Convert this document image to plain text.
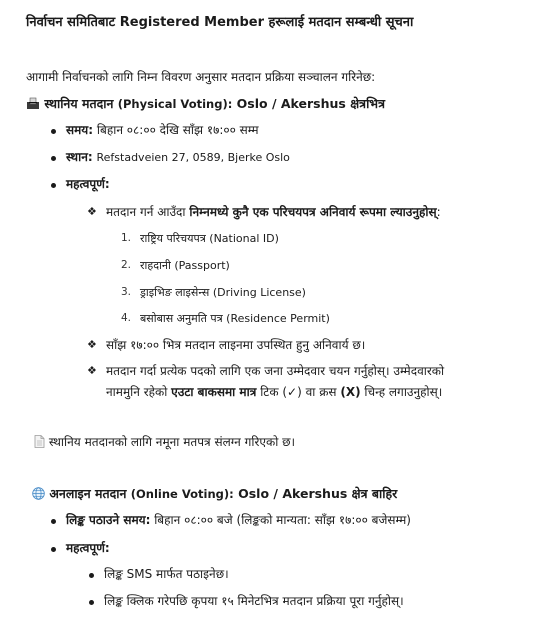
निर्वाचन समितिबाट Registered Member हरूलाई मतदान सम्बन्धी सूचना
आगामी निर्वाचनको लागि निम्न विवरण अनुसार मतदान प्रक्रिया सञ्चालन गरिनेछ:
स्थानिय मतदान (Physical Voting): Oslo / Akershus क्षेत्रभित्र
समय: बिहान ०८:०० देखि साँझ १७:०० सम्म
स्थान: Refstadveien 27, 0589, Bjerke Oslo
महत्वपूर्ण:
❖ मतदान गर्न आउँदा निम्नमध्ये कुनै एक परिचयपत्र अनिवार्य रूपमा ल्याउनुहोस्:
1. राष्ट्रिय परिचयपत्र (National ID)
2. राहदानी (Passport)
3. ड्राइभिङ लाइसेन्स (Driving License)
4. बसोबास अनुमति पत्र (Residence Permit)
❖ साँझ १७:०० भित्र मतदान लाइनमा उपस्थित हुनु अनिवार्य छ।
❖ मतदान गर्दा प्रत्येक पदको लागि एक जना उम्मेदवार चयन गर्नुहोस्। उम्मेदवारको
नाममुनि रहेको एउटा बाकसमा मात्र टिक (✓) वा क्रस (X) चिन्ह लगाउनुहोस्।
स्थानिय मतदानको लागि नमूना मतपत्र संलग्न गरिएको छ।
अनलाइन मतदान (Online Voting): Oslo / Akershus क्षेत्र बाहिर
लिङ्क पठाउने समय: बिहान ०८:०० बजे (लिङ्कको मान्यता: साँझ १७:०० बजेसम्म)
महत्वपूर्ण:
लिङ्क SMS मार्फत पठाइनेछ।
लिङ्क क्लिक गरेपछि कृपया १५ मिनेटभित्र मतदान प्रक्रिया पूरा गर्नुहोस्।
